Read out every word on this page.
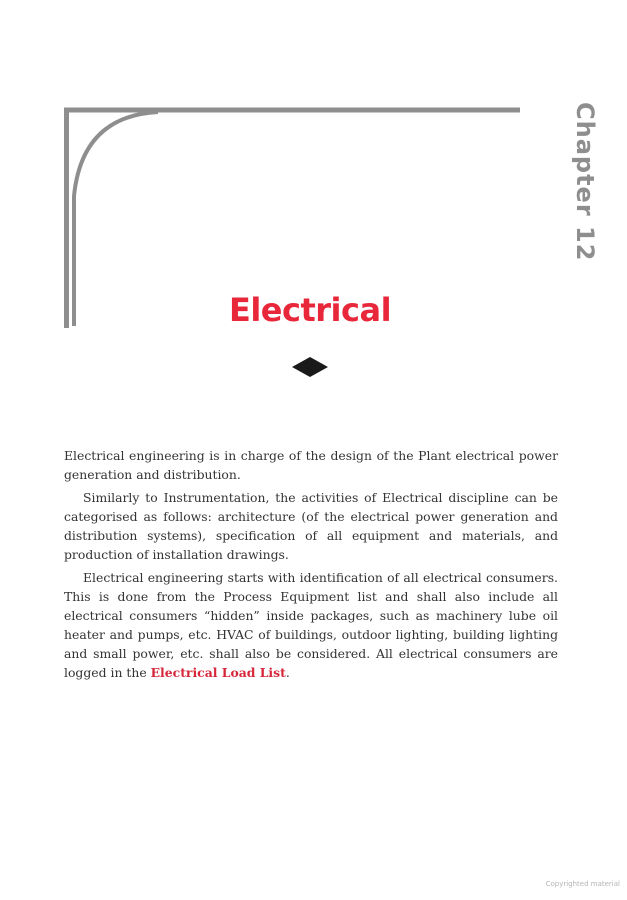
Chapter 12
Electrical

Electrical engineering is in charge of the design of the Plant electrical power generation and distribution.

Similarly to Instrumentation, the activities of Electrical discipline can be categorised as follows: architecture (of the electrical power generation and distribution systems), specification of all equipment and materials, and production of installation drawings.

Electrical engineering starts with identification of all electrical consumers. This is done from the Process Equipment list and shall also include all electrical consumers “hidden” inside packages, such as machinery lube oil heater and pumps, etc. HVAC of buildings, outdoor lighting, building lighting and small power, etc. shall also be considered. All electrical consumers are logged in the Electrical Load List.

Copyrighted material
